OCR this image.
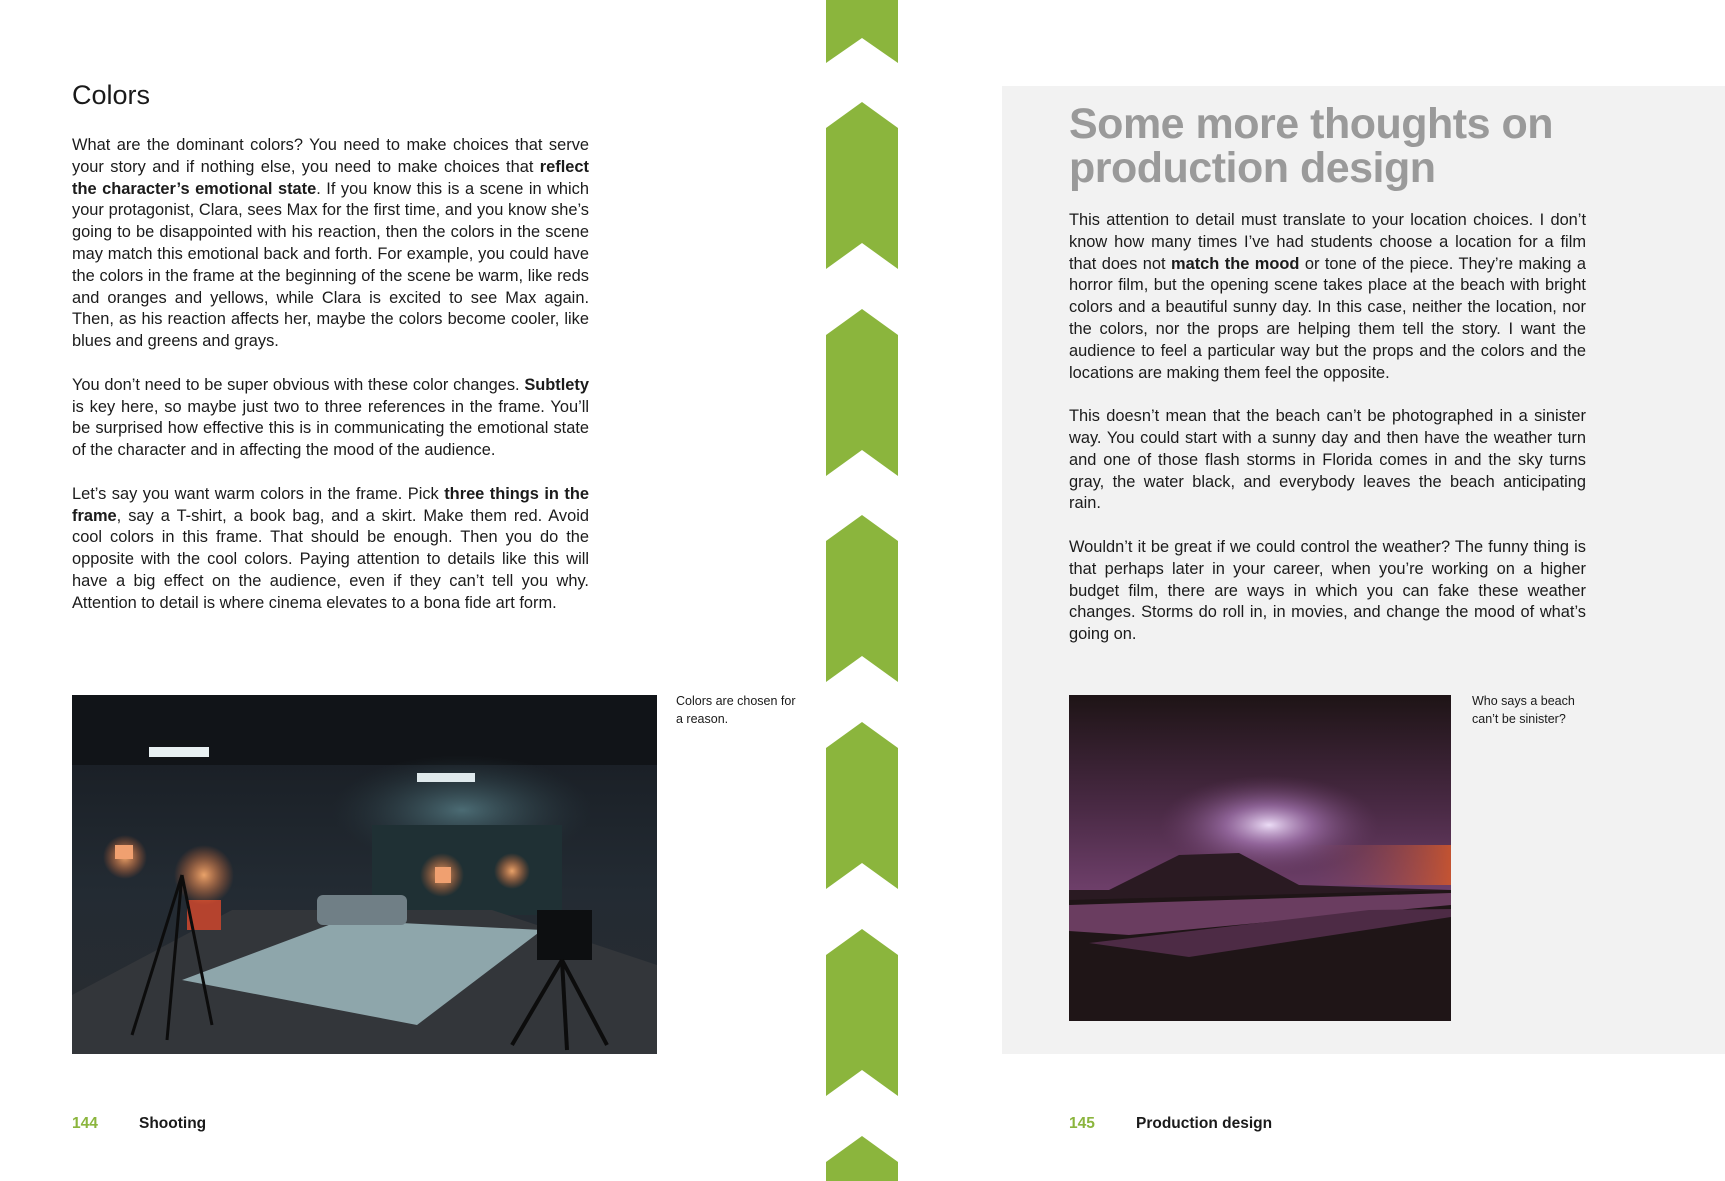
Colors

What are the dominant colors? You need to make choices that serve your story and if nothing else, you need to make choices that reflect the character’s emotional state. If you know this is a scene in which your protagonist, Clara, sees Max for the first time, and you know she’s going to be disappointed with his reaction, then the colors in the scene may match this emotional back and forth. For example, you could have the colors in the frame at the beginning of the scene be warm, like reds and oranges and yellows, while Clara is excited to see Max again. Then, as his reaction affects her, maybe the colors become cooler, like blues and greens and grays.

You don’t need to be super obvious with these color changes. Subtlety is key here, so maybe just two to three references in the frame. You’ll be surprised how effective this is in communicating the emotional state of the character and in affecting the mood of the audience.

Let’s say you want warm colors in the frame. Pick three things in the frame, say a T-shirt, a book bag, and a skirt. Make them red. Avoid cool colors in this frame. That should be enough. Then you do the opposite with the cool colors. Paying attention to details like this will have a big effect on the audience, even if they can’t tell you why. Attention to detail is where cinema elevates to a bona fide art form.

Colors are chosen for a reason.
144	Shooting
Some more thoughts on production design

This attention to detail must translate to your location choices. I don’t know how many times I’ve had students choose a location for a film that does not match the mood or tone of the piece. They’re making a horror film, but the opening scene takes place at the beach with bright colors and a beautiful sunny day. In this case, neither the location, nor the colors, nor the props are helping them tell the story. I want the audience to feel a particular way but the props and the colors and the locations are making them feel the opposite.

This doesn’t mean that the beach can’t be photographed in a sinister way. You could start with a sunny day and then have the weather turn and one of those flash storms in Florida comes in and the sky turns gray, the water black, and everybody leaves the beach anticipating rain.

Wouldn’t it be great if we could control the weather? The funny thing is that perhaps later in your career, when you’re working on a higher budget film, there are ways in which you can fake these weather changes. Storms do roll in, in movies, and change the mood of what’s going on.

Who says a beach can’t be sinister?
145	Production design
